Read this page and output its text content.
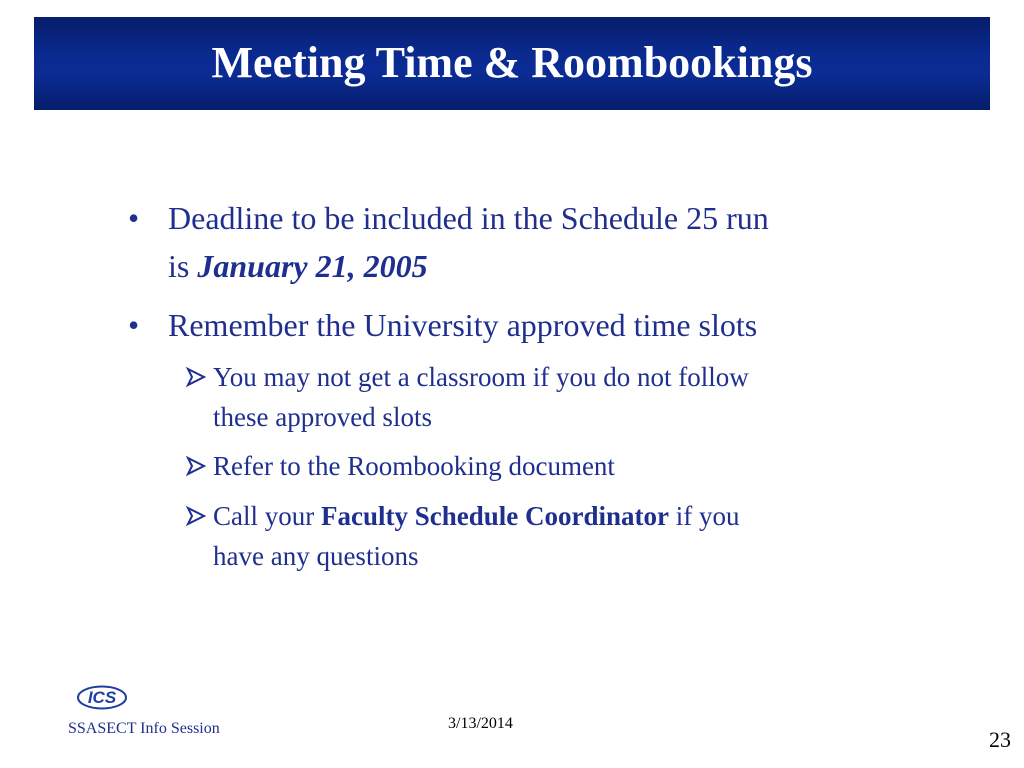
Meeting Time & Roombookings
• Deadline to be included in the Schedule 25 run
is January 21, 2005
• Remember the University approved time slots
You may not get a classroom if you do not follow
these approved slots
Refer to the Roombooking document
Call your Faculty Schedule Coordinator if you
have any questions
ICS
SSASECT Info Session	3/13/2014
23
